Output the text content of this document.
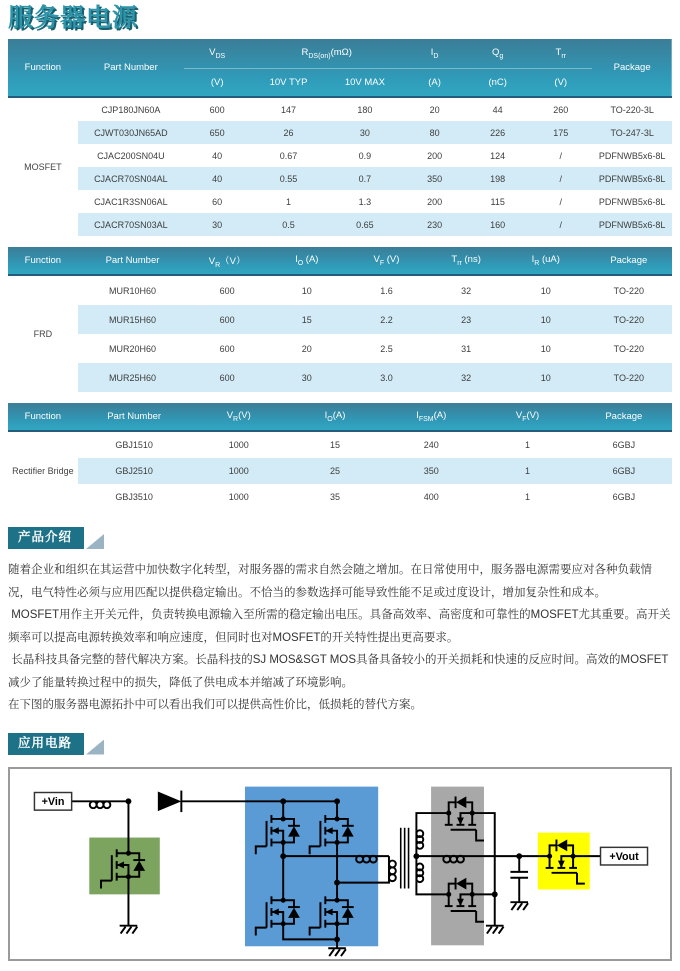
服务器电源
Function	Part Number	$V_{DS}$	$R_{DS(on)}(m\Omega)$		$I_D$	$Q_g$	$T_{rr}$	Package
		(V)	10V TYP	10V MAX	(A)	(nC)	(V)	
MOSFET	CJP180JN60A	600	147	180	20	44	260	TO-220-3L
	CJWT030JN65AD	650	26	30	80	226	175	TO-247-3L
	CJAC200SN04U	40	0.67	0.9	200	124	/	PDFNWB5x6-8L
	CJACR70SN04AL	40	0.55	0.7	350	198	/	PDFNWB5x6-8L
	CJAC1R3SN06AL	60	1	1.3	200	115	/	PDFNWB5x6-8L
	CJACR70SN03AL	30	0.5	0.65	230	160	/	PDFNWB5x6-8L
Function	Part Number	$V_R(V)$	$I_O$ (A)	$V_F$ (V)	$T_{rr}$ (ns)	$I_R$ (uA)	Package
FRD	MUR10H60	600	10	1.6	32	10	TO-220
	MUR15H60	600	15	2.2	23	10	TO-220
	MUR20H60	600	20	2.5	31	10	TO-220
	MUR25H60	600	30	3.0	32	10	TO-220
Function	Part Number	$V_R(V)$	$I_O(A)$	$I_{FSM}(A)$	$V_F(V)$	Package
Rectifier Bridge	GBJ1510	1000	15	240	1	6GBJ
	GBJ2510	1000	25	350	1	6GBJ
	GBJ3510	1000	35	400	1	6GBJ
产品介绍

随着企业和组织在其运营中加快数字化转型，对服务器的需求自然会随之增加。在日常使用中，服务器电源需要应对各种负载情况，电气特性必须与应用匹配以提供稳定输出。不恰当的参数选择可能导致性能不足或过度设计，增加复杂性和成本。

MOSFET用作主开关元件，负责转换电源输入至所需的稳定输出电压。具备高效率、高密度和可靠性的MOSFET尤其重要。高开关频率可以提高电源转换效率和响应速度，但同时也对MOSFET的开关特性提出更高要求。

长晶科技具备完整的替代解决方案。长晶科技的SJ MOS&SGT MOS具备具备较小的开关损耗和快速的反应时间。高效的MOSFET减少了能量转换过程中的损失，降低了供电成本并缩减了环境影响。

在下图的服务器电源拓扑中可以看出我们可以提供高性价比，低损耗的替代方案。

应用电路
+Vin
+Vout
